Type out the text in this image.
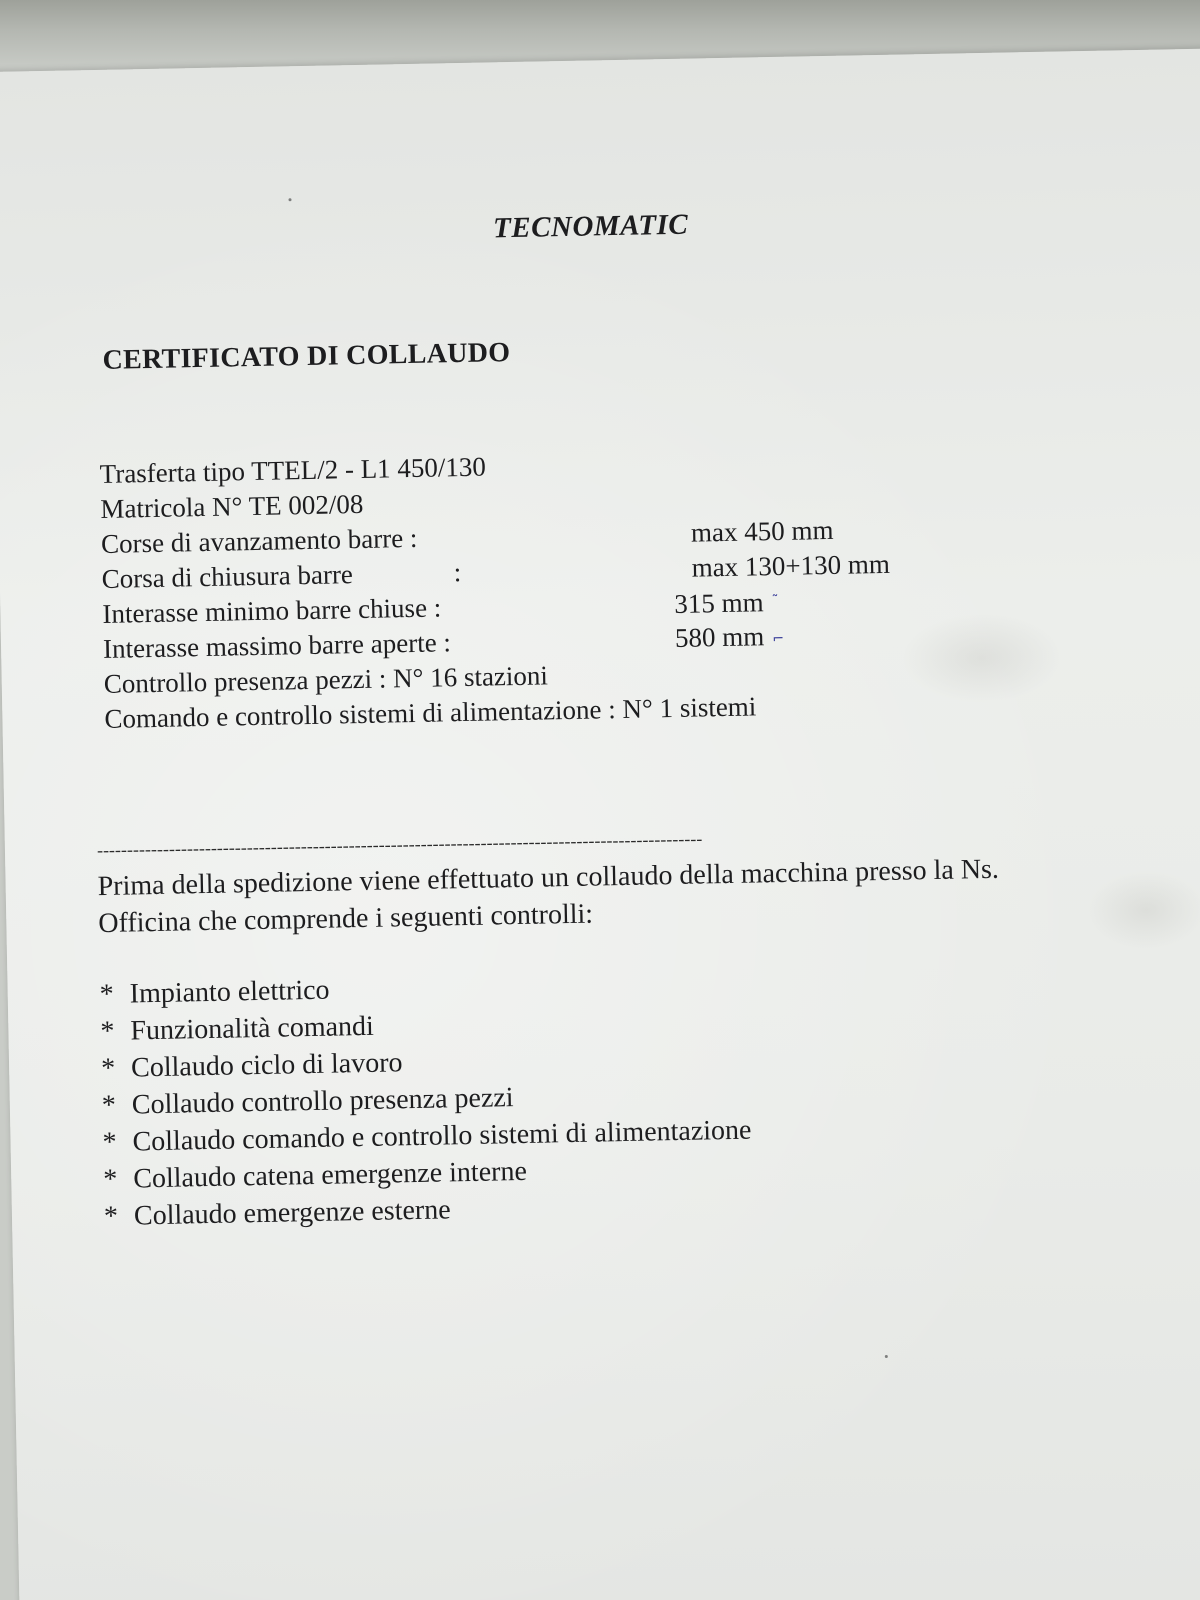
TECNOMATIC
CERTIFICATO DI COLLAUDO
Trasferta tipo TTEL/2 - L1 450/130
Matricola N° TE 002/08
Corse di avanzamento barre :	max 450 mm
Corsa di chiusura barre	:	max 130+130 mm
Interasse minimo barre chiuse :	315 mm ˜
Interasse massimo barre aperte :	580 mm ⌐
Controllo presenza pezzi : N° 16 stazioni
Comando e controllo sistemi di alimentazione : N° 1 sistemi
-----------------------------------------------------------------------------------------------------
Prima della spedizione viene effettuato un collaudo della macchina presso la Ns.
Officina che comprende i seguenti controlli:
* Impianto elettrico
* Funzionalità comandi
* Collaudo ciclo di lavoro
* Collaudo controllo presenza pezzi
* Collaudo comando e controllo sistemi di alimentazione
* Collaudo catena emergenze interne
* Collaudo emergenze esterne
